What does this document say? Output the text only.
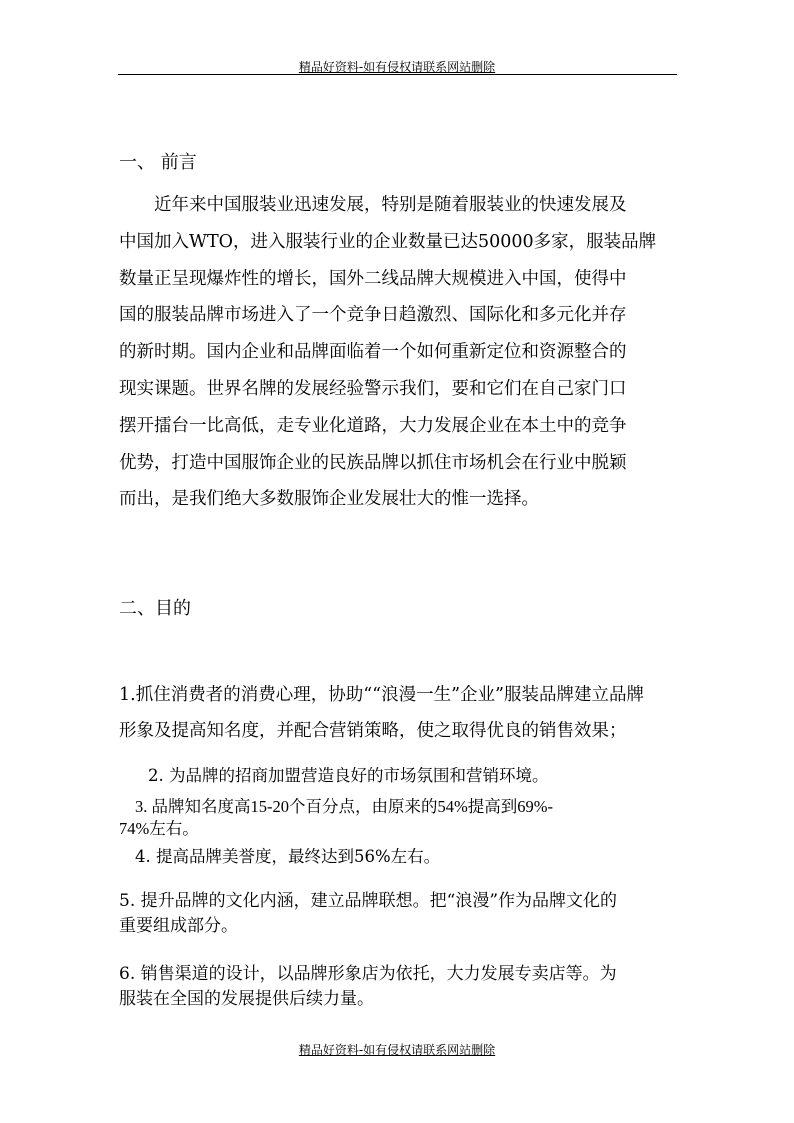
精品好资料-如有侵权请联系网站删除
一、 前言
近年来中国服装业迅速发展，特别是随着服装业的快速发展及
中国加入WTO，进入服装行业的企业数量已达50000多家，服装品牌
数量正呈现爆炸性的增长，国外二线品牌大规模进入中国，使得中
国的服装品牌市场进入了一个竞争日趋激烈、国际化和多元化并存
的新时期。国内企业和品牌面临着一个如何重新定位和资源整合的
现实课题。世界名牌的发展经验警示我们，要和它们在自己家门口
摆开擂台一比高低，走专业化道路，大力发展企业在本土中的竞争
优势，打造中国服饰企业的民族品牌以抓住市场机会在行业中脱颖
而出，是我们绝大多数服饰企业发展壮大的惟一选择。
二、目的
1.抓住消费者的消费心理，协助““浪漫一生”企业”服装品牌建立品牌
形象及提高知名度，并配合营销策略，使之取得优良的销售效果；
2. 为品牌的招商加盟营造良好的市场氛围和营销环境。
3. 品牌知名度高15-20个百分点，由原来的54%提高到69%-
74%左右。
4. 提高品牌美誉度，最终达到56%左右。
5. 提升品牌的文化内涵，建立品牌联想。把“浪漫”作为品牌文化的
重要组成部分。
6. 销售渠道的设计，以品牌形象店为依托，大力发展专卖店等。为
服装在全国的发展提供后续力量。
精品好资料-如有侵权请联系网站删除
